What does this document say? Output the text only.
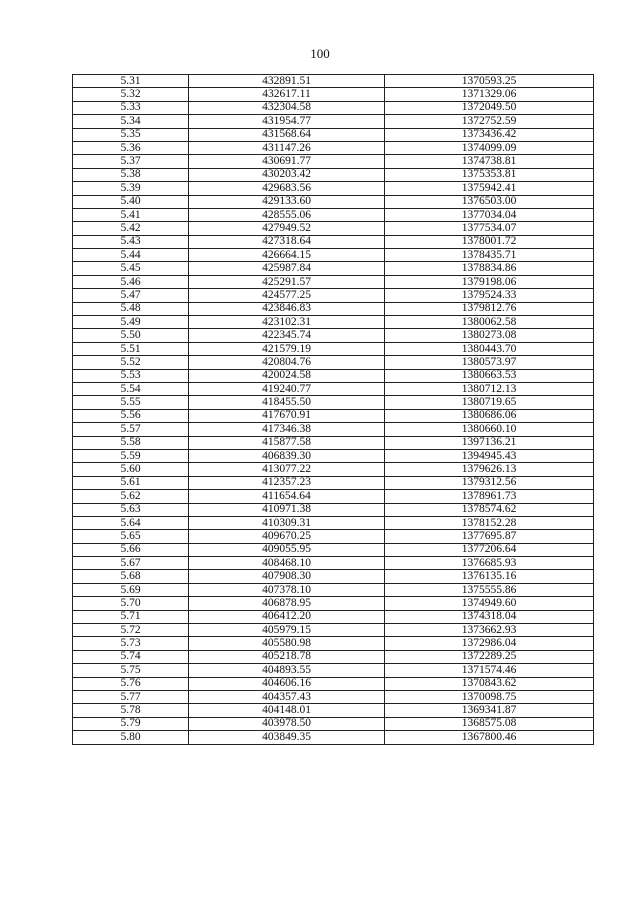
100
5.31	432891.51	1370593.25
5.32	432617.11	1371329.06
5.33	432304.58	1372049.50
5.34	431954.77	1372752.59
5.35	431568.64	1373436.42
5.36	431147.26	1374099.09
5.37	430691.77	1374738.81
5.38	430203.42	1375353.81
5.39	429683.56	1375942.41
5.40	429133.60	1376503.00
5.41	428555.06	1377034.04
5.42	427949.52	1377534.07
5.43	427318.64	1378001.72
5.44	426664.15	1378435.71
5.45	425987.84	1378834.86
5.46	425291.57	1379198.06
5.47	424577.25	1379524.33
5.48	423846.83	1379812.76
5.49	423102.31	1380062.58
5.50	422345.74	1380273.08
5.51	421579.19	1380443.70
5.52	420804.76	1380573.97
5.53	420024.58	1380663.53
5.54	419240.77	1380712.13
5.55	418455.50	1380719.65
5.56	417670.91	1380686.06
5.57	417346.38	1380660.10
5.58	415877.58	1397136.21
5.59	406839.30	1394945.43
5.60	413077.22	1379626.13
5.61	412357.23	1379312.56
5.62	411654.64	1378961.73
5.63	410971.38	1378574.62
5.64	410309.31	1378152.28
5.65	409670.25	1377695.87
5.66	409055.95	1377206.64
5.67	408468.10	1376685.93
5.68	407908.30	1376135.16
5.69	407378.10	1375555.86
5.70	406878.95	1374949.60
5.71	406412.20	1374318.04
5.72	405979.15	1373662.93
5.73	405580.98	1372986.04
5.74	405218.78	1372289.25
5.75	404893.55	1371574.46
5.76	404606.16	1370843.62
5.77	404357.43	1370098.75
5.78	404148.01	1369341.87
5.79	403978.50	1368575.08
5.80	403849.35	1367800.46
